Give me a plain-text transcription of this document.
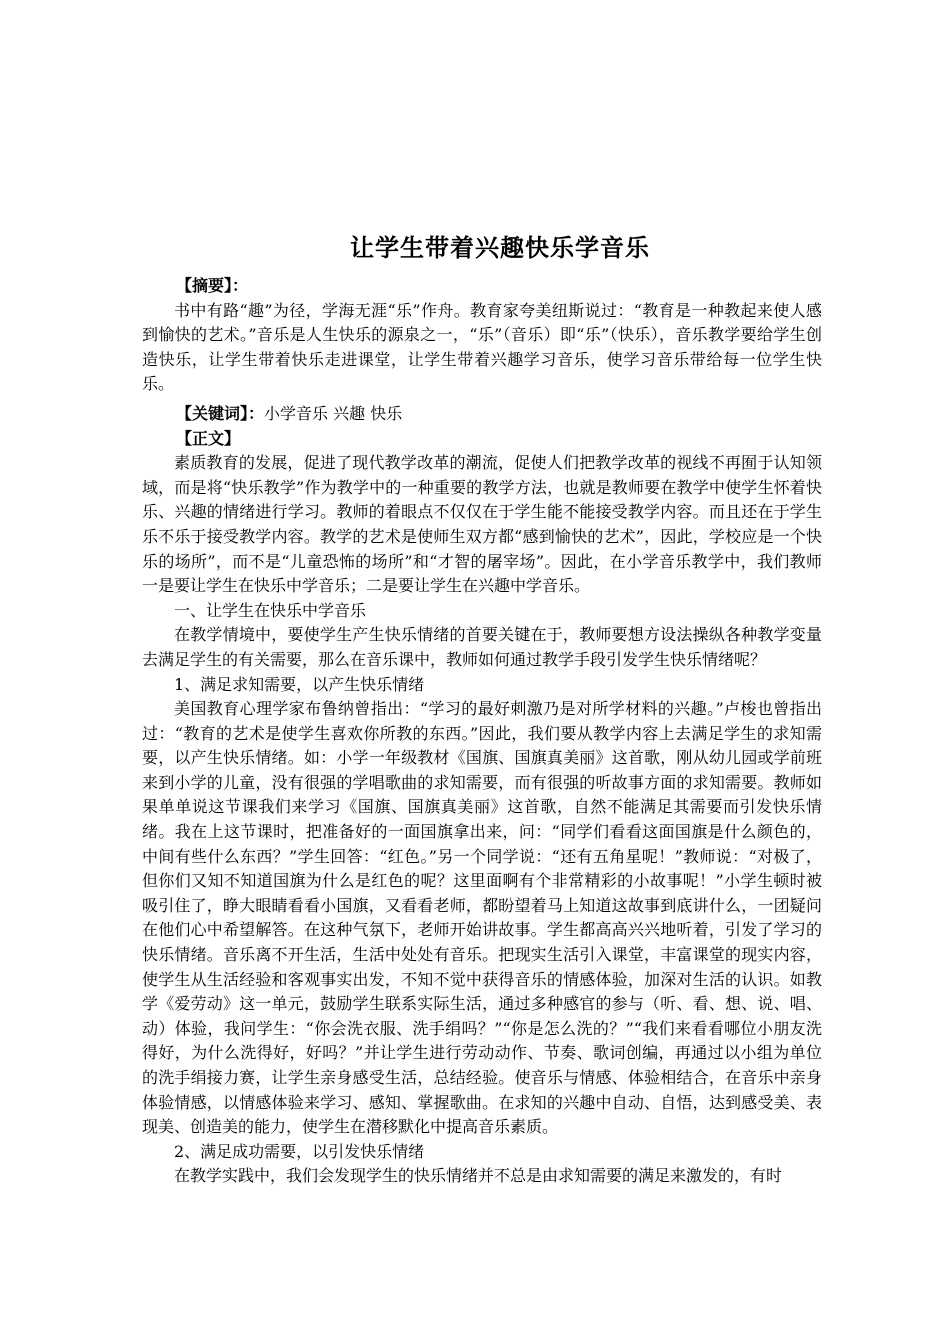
让学生带着兴趣快乐学音乐

【摘要】：

书中有路“趣”为径，学海无涯“乐”作舟。教育家夸美纽斯说过：“教育是一种教起来使人感到愉快的艺术。”音乐是人生快乐的源泉之一，“乐”（音乐）即“乐”（快乐），音乐教学要给学生创造快乐，让学生带着快乐走进课堂，让学生带着兴趣学习音乐，使学习音乐带给每一位学生快乐。

【关键词】：小学音乐 兴趣 快乐

【正文】

素质教育的发展，促进了现代教学改革的潮流，促使人们把教学改革的视线不再囿于认知领域，而是将“快乐教学”作为教学中的一种重要的教学方法，也就是教师要在教学中使学生怀着快乐、兴趣的情绪进行学习。教师的着眼点不仅仅在于学生能不能接受教学内容。而且还在于学生乐不乐于接受教学内容。教学的艺术是使师生双方都“感到愉快的艺术”，因此，学校应是一个快乐的场所”，而不是“儿童恐怖的场所”和“才智的屠宰场”。因此，在小学音乐教学中，我们教师一是要让学生在快乐中学音乐；二是要让学生在兴趣中学音乐。

一、让学生在快乐中学音乐

在教学情境中，要使学生产生快乐情绪的首要关键在于，教师要想方设法操纵各种教学变量去满足学生的有关需要，那么在音乐课中，教师如何通过教学手段引发学生快乐情绪呢？

1、满足求知需要，以产生快乐情绪

美国教育心理学家布鲁纳曾指出：“学习的最好刺激乃是对所学材料的兴趣。”卢梭也曾指出过：“教育的艺术是使学生喜欢你所教的东西。”因此，我们要从教学内容上去满足学生的求知需要，以产生快乐情绪。如：小学一年级教材《国旗、国旗真美丽》这首歌，刚从幼儿园或学前班来到小学的儿童，没有很强的学唱歌曲的求知需要，而有很强的听故事方面的求知需要。教师如果单单说这节课我们来学习《国旗、国旗真美丽》这首歌，自然不能满足其需要而引发快乐情绪。我在上这节课时，把准备好的一面国旗拿出来，问：“同学们看看这面国旗是什么颜色的，中间有些什么东西？”学生回答：“红色。”另一个同学说：“还有五角星呢！”教师说：“对极了，但你们又知不知道国旗为什么是红色的呢？这里面啊有个非常精彩的小故事呢！”小学生顿时被吸引住了，睁大眼睛看看小国旗，又看看老师，都盼望着马上知道这故事到底讲什么，一团疑问在他们心中希望解答。在这种气氛下，老师开始讲故事。学生都高高兴兴地听着，引发了学习的快乐情绪。音乐离不开生活，生活中处处有音乐。把现实生活引入课堂，丰富课堂的现实内容，使学生从生活经验和客观事实出发，不知不觉中获得音乐的情感体验，加深对生活的认识。如教学《爱劳动》这一单元，鼓励学生联系实际生活，通过多种感官的参与（听、看、想、说、唱、动）体验，我问学生：“你会洗衣服、洗手绢吗？”“你是怎么洗的？”“我们来看看哪位小朋友洗得好，为什么洗得好，好吗？”并让学生进行劳动动作、节奏、歌词创编，再通过以小组为单位的洗手绢接力赛，让学生亲身感受生活，总结经验。使音乐与情感、体验相结合，在音乐中亲身体验情感，以情感体验来学习、感知、掌握歌曲。在求知的兴趣中自动、自悟，达到感受美、表现美、创造美的能力，使学生在潜移默化中提高音乐素质。

2、满足成功需要，以引发快乐情绪

在教学实践中，我们会发现学生的快乐情绪并不总是由求知需要的满足来激发的，有时
